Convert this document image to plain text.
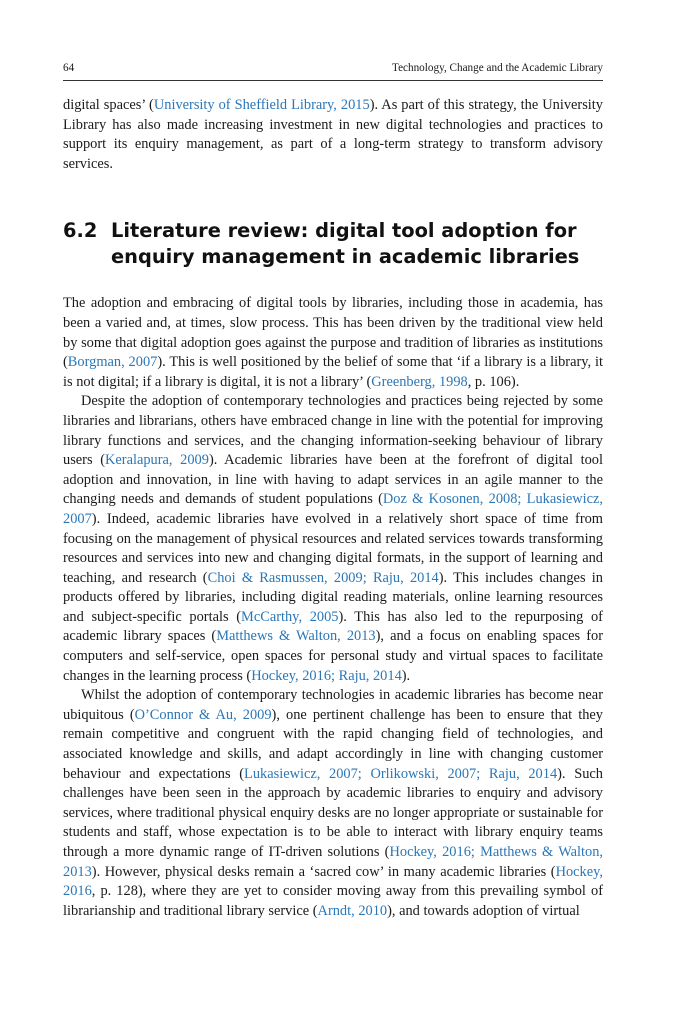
64	Technology, Change and the Academic Library

digital spaces’ (University of Sheffield Library, 2015). As part of this strategy, the University Library has also made increasing investment in new digital technologies and practices to support its enquiry management, as part of a long-term strategy to transform advisory services.

6.2 Literature review: digital tool adoption for enquiry management in academic libraries

The adoption and embracing of digital tools by libraries, including those in academia, has been a varied and, at times, slow process. This has been driven by the traditional view held by some that digital adoption goes against the purpose and tradition of libraries as institutions (Borgman, 2007). This is well positioned by the belief of some that ‘if a library is a library, it is not digital; if a library is digital, it is not a library’ (Greenberg, 1998, p. 106).

Despite the adoption of contemporary technologies and practices being rejected by some libraries and librarians, others have embraced change in line with the potential for improving library functions and services, and the changing information-seeking behaviour of library users (Keralapura, 2009). Academic libraries have been at the forefront of digital tool adoption and innovation, in line with having to adapt services in an agile manner to the changing needs and demands of student populations (Doz & Kosonen, 2008; Lukasiewicz, 2007). Indeed, academic libraries have evolved in a relatively short space of time from focusing on the management of physical resources and related services towards transforming resources and services into new and changing digital formats, in the support of learning and teaching, and research (Choi & Rasmussen, 2009; Raju, 2014). This includes changes in products offered by libraries, including digital reading materials, online learning resources and subject-specific portals (McCarthy, 2005). This has also led to the repurposing of academic library spaces (Matthews & Walton, 2013), and a focus on enabling spaces for computers and self-service, open spaces for personal study and virtual spaces to facilitate changes in the learning process (Hockey, 2016; Raju, 2014).

Whilst the adoption of contemporary technologies in academic libraries has become near ubiquitous (O’Connor & Au, 2009), one pertinent challenge has been to ensure that they remain competitive and congruent with the rapid changing field of technologies, and associated knowledge and skills, and adapt accordingly in line with changing customer behaviour and expectations (Lukasiewicz, 2007; Orlikowski, 2007; Raju, 2014). Such challenges have been seen in the approach by academic libraries to enquiry and advisory services, where traditional physical enquiry desks are no longer appropriate or sustainable for students and staff, whose expectation is to be able to interact with library enquiry teams through a more dynamic range of IT-driven solutions (Hockey, 2016; Matthews & Walton, 2013). However, physical desks remain a ‘sacred cow’ in many academic libraries (Hockey, 2016, p. 128), where they are yet to consider moving away from this prevailing symbol of librarianship and traditional library service (Arndt, 2010), and towards adoption of virtual
